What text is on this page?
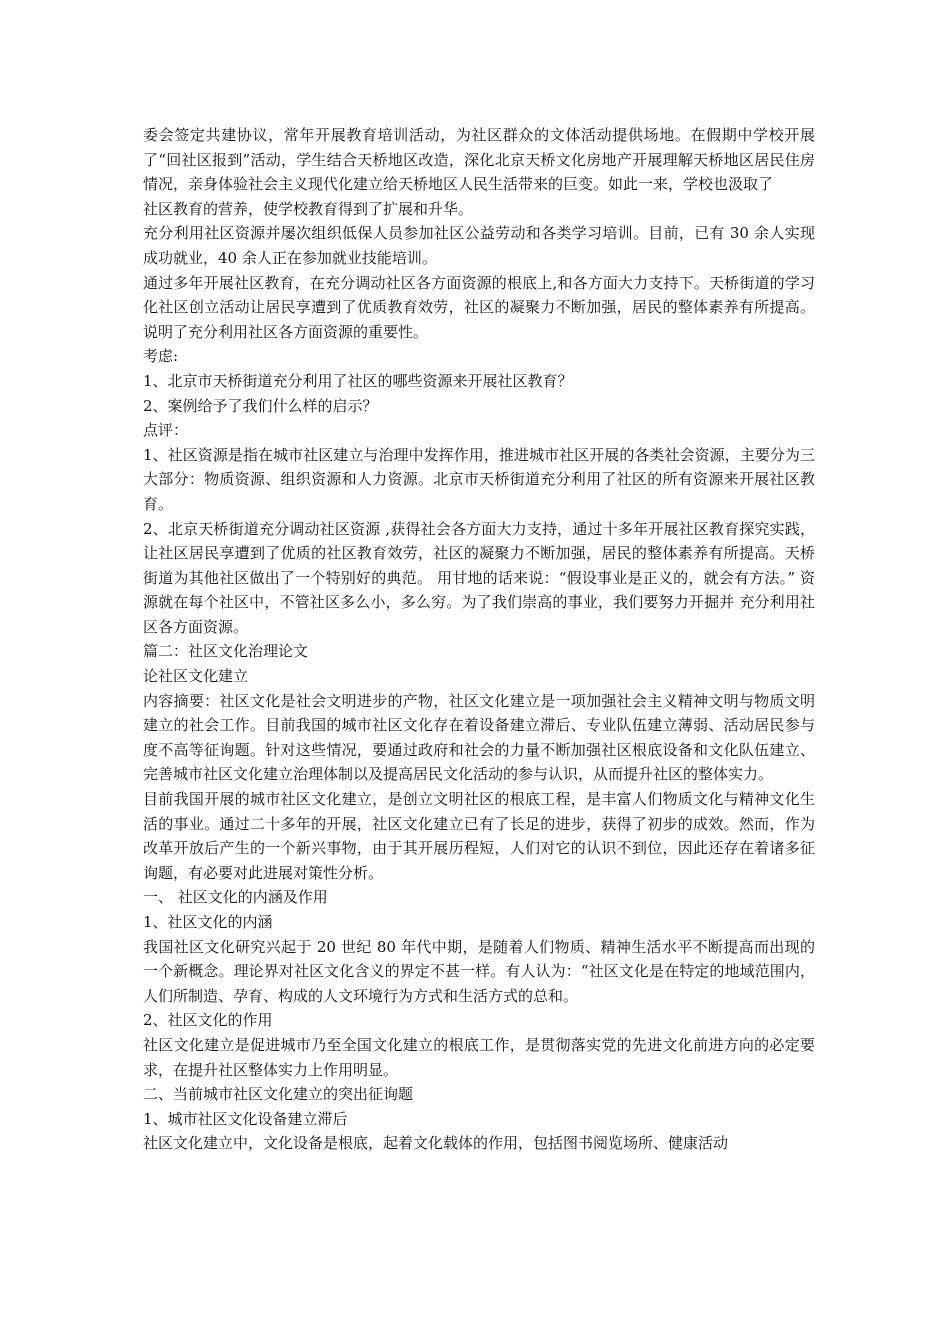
委会签定共建协议，常年开展教育培训活动，为社区群众的文体活动提供场地。在假期中学校开展了“回社区报到”活动，学生结合天桥地区改造，深化北京天桥文化房地产开展理解天桥地区居民住房情况，亲身体验社会主义现代化建立给天桥地区人民生活带来的巨变。如此一来，学校也汲取了

社区教育的营养，使学校教育得到了扩展和升华。

充分利用社区资源并屡次组织低保人员参加社区公益劳动和各类学习培训。目前，已有 30 余人实现成功就业，40 余人正在参加就业技能培训。

通过多年开展社区教育，在充分调动社区各方面资源的根底上,和各方面大力支持下。天桥街道的学习化社区创立活动让居民享遭到了优质教育效劳，社区的凝聚力不断加强，居民的整体素养有所提高。说明了充分利用社区各方面资源的重要性。

考虑:

1、北京市天桥街道充分利用了社区的哪些资源来开展社区教育？

2、案例给予了我们什么样的启示？

点评：

1、社区资源是指在城市社区建立与治理中发挥作用，推进城市社区开展的各类社会资源，主要分为三大部分：物质资源、组织资源和人力资源。北京市天桥街道充分利用了社区的所有资源来开展社区教育。

2、北京天桥街道充分调动社区资源 ,获得社会各方面大力支持，通过十多年开展社区教育探究实践，让社区居民享遭到了优质的社区教育效劳，社区的凝聚力不断加强，居民的整体素养有所提高。天桥街道为其他社区做出了一个特别好的典范。 用甘地的话来说：“假设事业是正义的，就会有方法。” 资源就在每个社区中，不管社区多么小，多么穷。为了我们崇高的事业，我们要努力开掘并 充分利用社区各方面资源。

篇二：社区文化治理论文

论社区文化建立

内容摘要：社区文化是社会文明进步的产物，社区文化建立是一项加强社会主义精神文明与物质文明建立的社会工作。目前我国的城市社区文化存在着设备建立滞后、专业队伍建立薄弱、活动居民参与度不高等征询题。针对这些情况，要通过政府和社会的力量不断加强社区根底设备和文化队伍建立、完善城市社区文化建立治理体制以及提高居民文化活动的参与认识，从而提升社区的整体实力。

目前我国开展的城市社区文化建立，是创立文明社区的根底工程，是丰富人们物质文化与精神文化生活的事业。通过二十多年的开展，社区文化建立已有了长足的进步，获得了初步的成效。然而，作为改革开放后产生的一个新兴事物，由于其开展历程短，人们对它的认识不到位，因此还存在着诸多征询题，有必要对此进展对策性分析。

一、 社区文化的内涵及作用

1、社区文化的内涵

我国社区文化研究兴起于 20 世纪 80 年代中期，是随着人们物质、精神生活水平不断提高而出现的一个新概念。理论界对社区文化含义的界定不甚一样。有人认为：“社区文化是在特定的地域范围内，人们所制造、孕育、构成的人文环境行为方式和生活方式的总和。

2、社区文化的作用

社区文化建立是促进城市乃至全国文化建立的根底工作，是贯彻落实党的先进文化前进方向的必定要求，在提升社区整体实力上作用明显。

二、当前城市社区文化建立的突出征询题

1、城市社区文化设备建立滞后

社区文化建立中，文化设备是根底，起着文化载体的作用，包括图书阅览场所、健康活动
